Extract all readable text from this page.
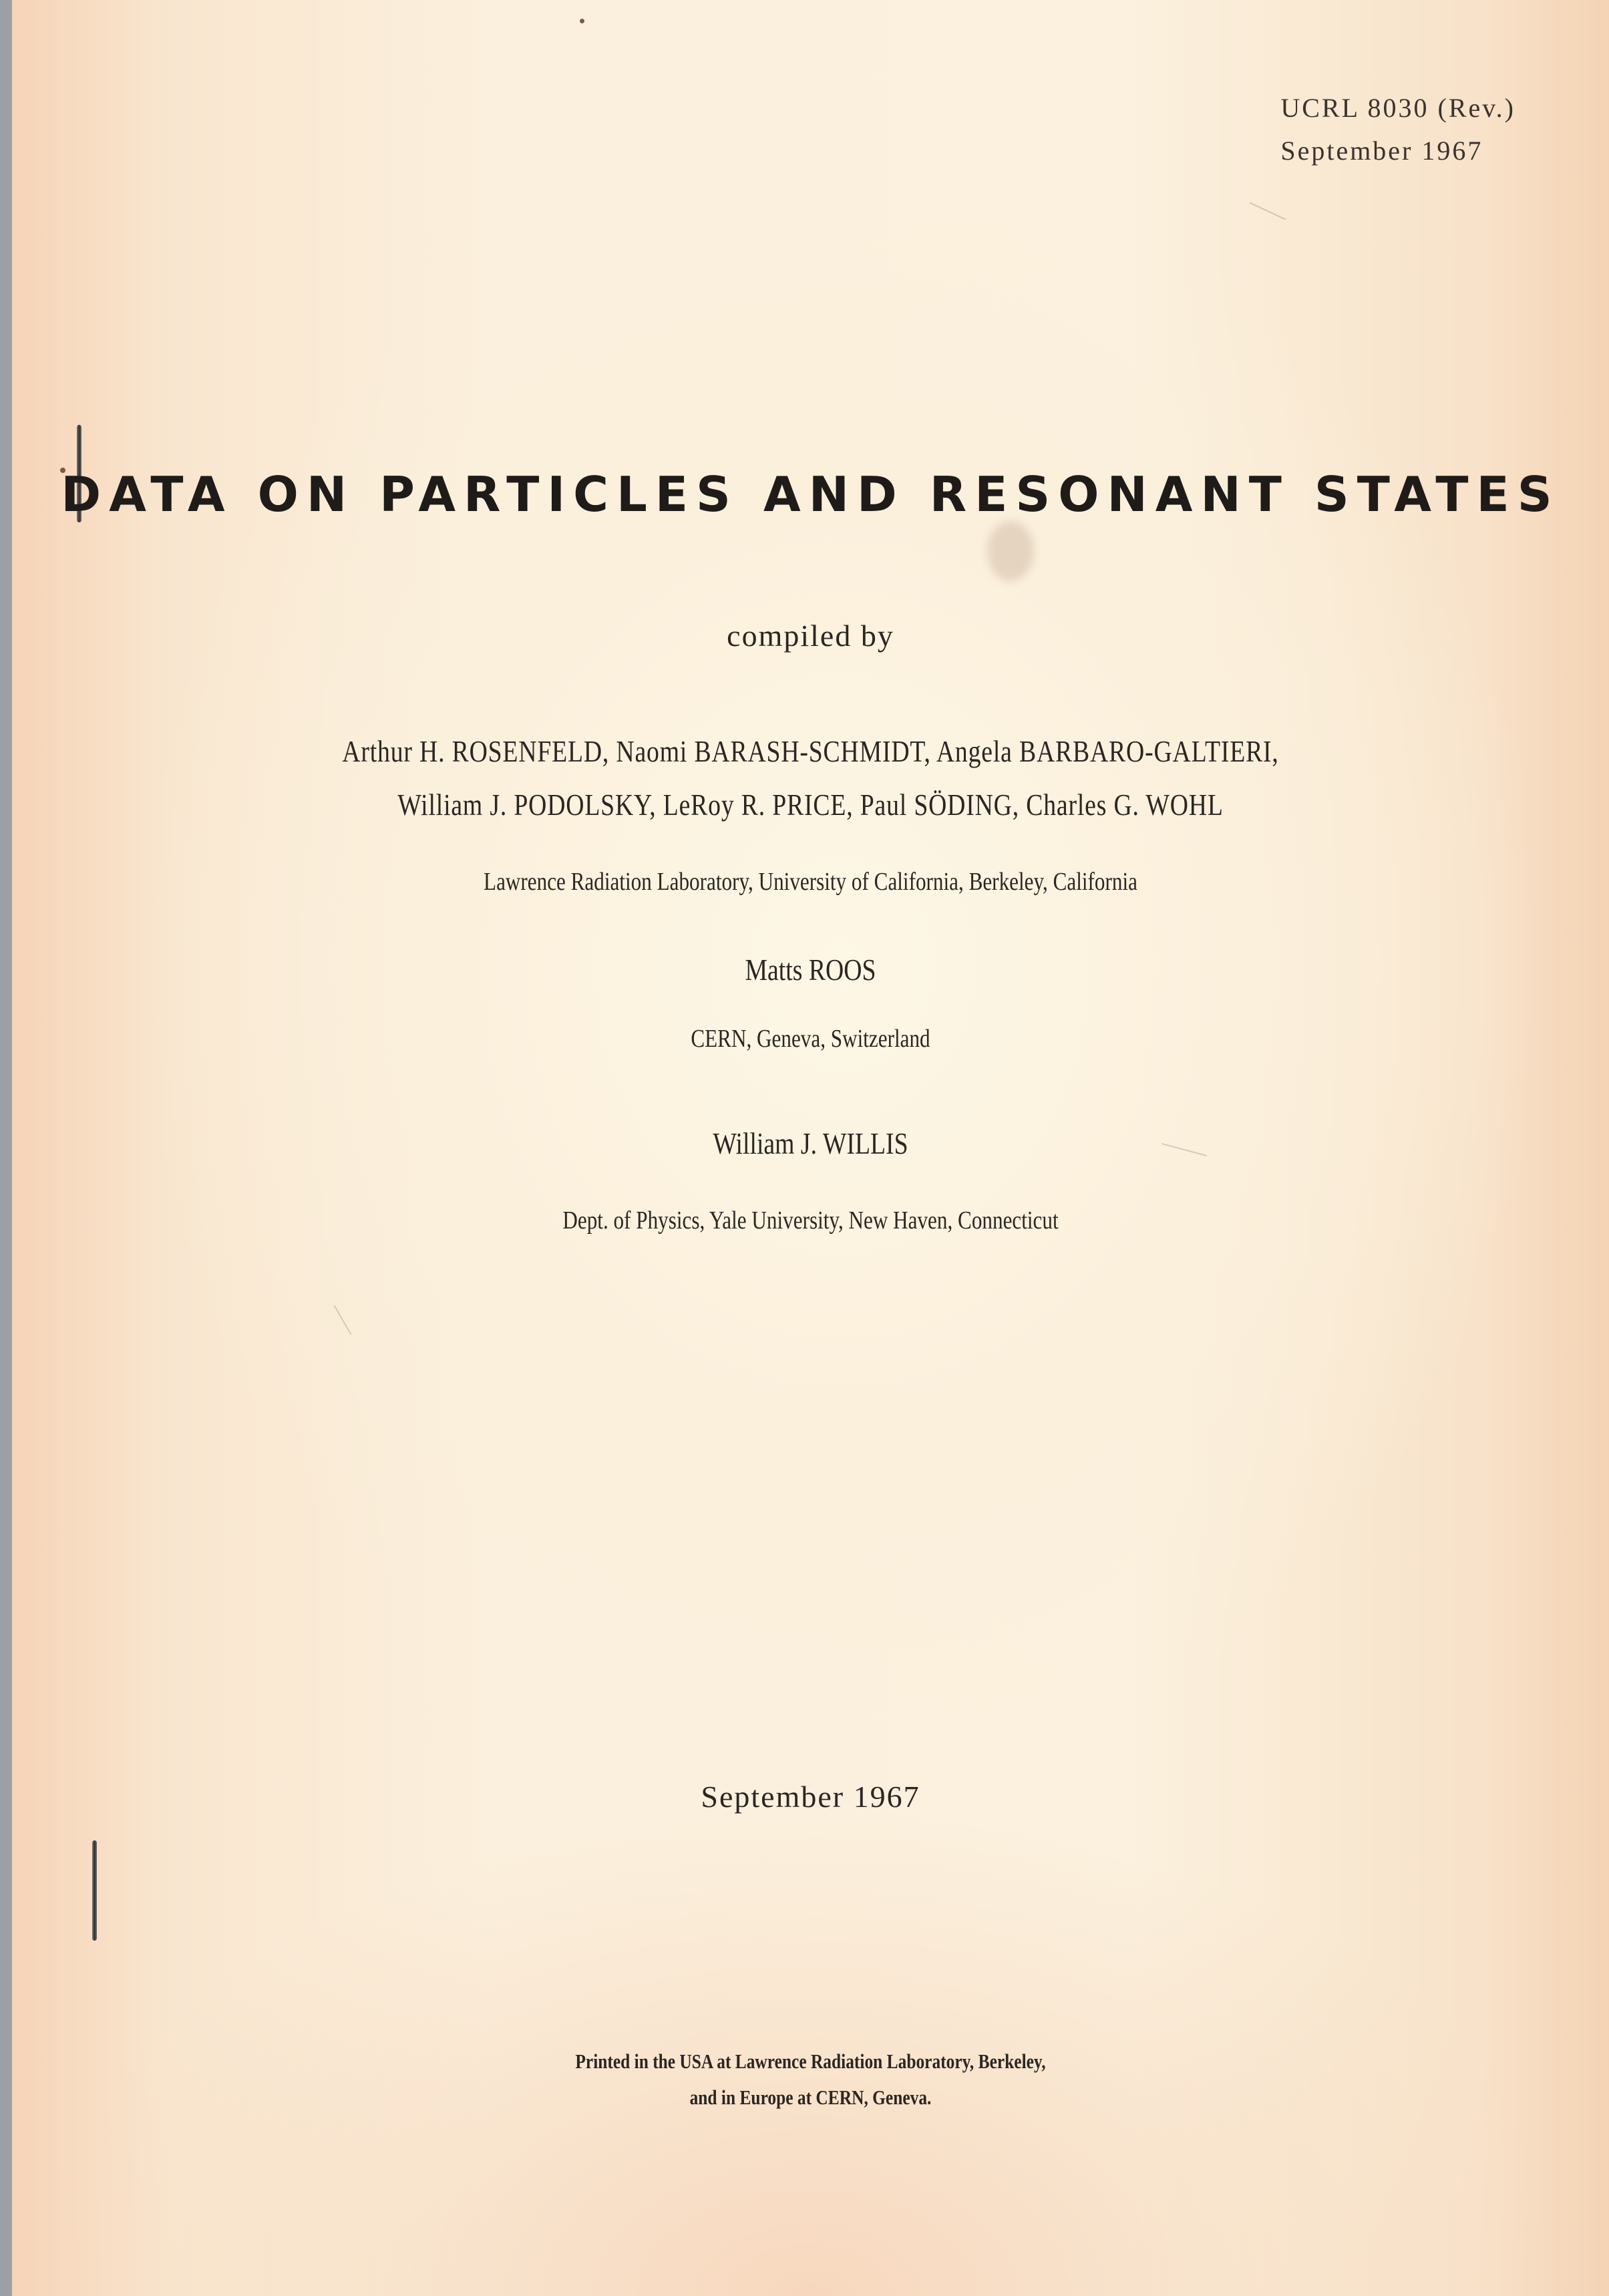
UCRL 8030 (Rev.)
September 1967
DATA ON PARTICLES AND RESONANT STATES
compiled by
Arthur H. ROSENFELD, Naomi BARASH-SCHMIDT, Angela BARBARO-GALTIERI,
William J. PODOLSKY, LeRoy R. PRICE, Paul SÖDING, Charles G. WOHL
Lawrence Radiation Laboratory, University of California, Berkeley, California
Matts ROOS
CERN, Geneva, Switzerland
William J. WILLIS
Dept. of Physics, Yale University, New Haven, Connecticut
September 1967
Printed in the USA at Lawrence Radiation Laboratory, Berkeley,
and in Europe at CERN, Geneva.
